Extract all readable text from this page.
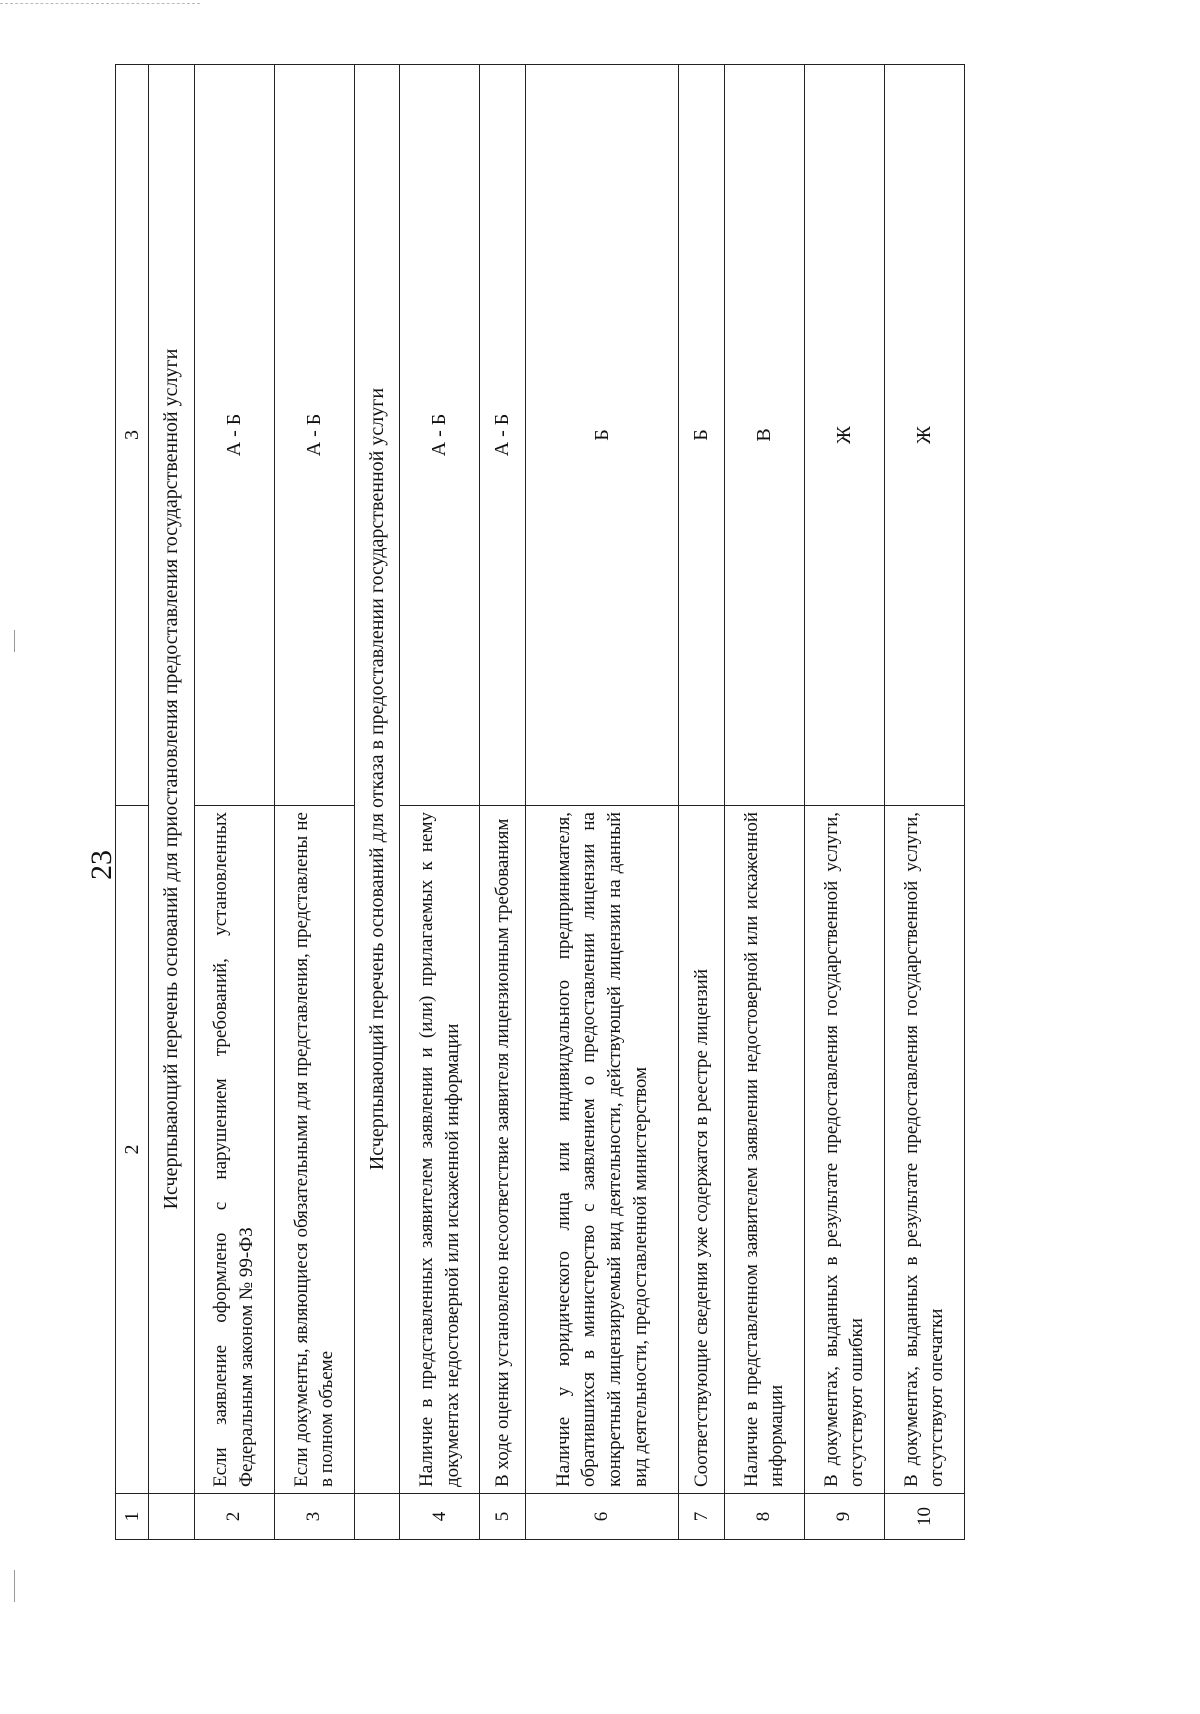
23
1	2	3
	Исчерпывающий перечень оснований для приостановления предоставления государственной услуги	
2	Если заявление оформлено с нарушением требований, установленных Федеральным законом № 99-ФЗ	А - Б
3	Если документы, являющиеся обязательными для представления, представлены не в полном объеме	А - Б
	Исчерпывающий перечень оснований для отказа в предоставлении государственной услуги	
4	Наличие в представленных заявителем заявлении и (или) прилагаемых к нему документах недостоверной или искаженной информации	А - Б
5	В ходе оценки установлено несоответствие заявителя лицензионным требованиям	А - Б
6	Наличие у юридического лица или индивидуального предпринимателя, обратившихся в министерство с заявлением о предоставлении лицензии на конкретный лицензируемый вид деятельности, действующей лицензии на данный вид деятельности, предоставленной министерством	Б
7	Соответствующие сведения уже содержатся в реестре лицензий	Б
8	Наличие в представленном заявителем заявлении недостоверной или искаженной информации	В
9	В документах, выданных в результате предоставления государственной услуги, отсутствуют ошибки	Ж
10	В документах, выданных в результате предоставления государственной услуги, отсутствуют опечатки	Ж
